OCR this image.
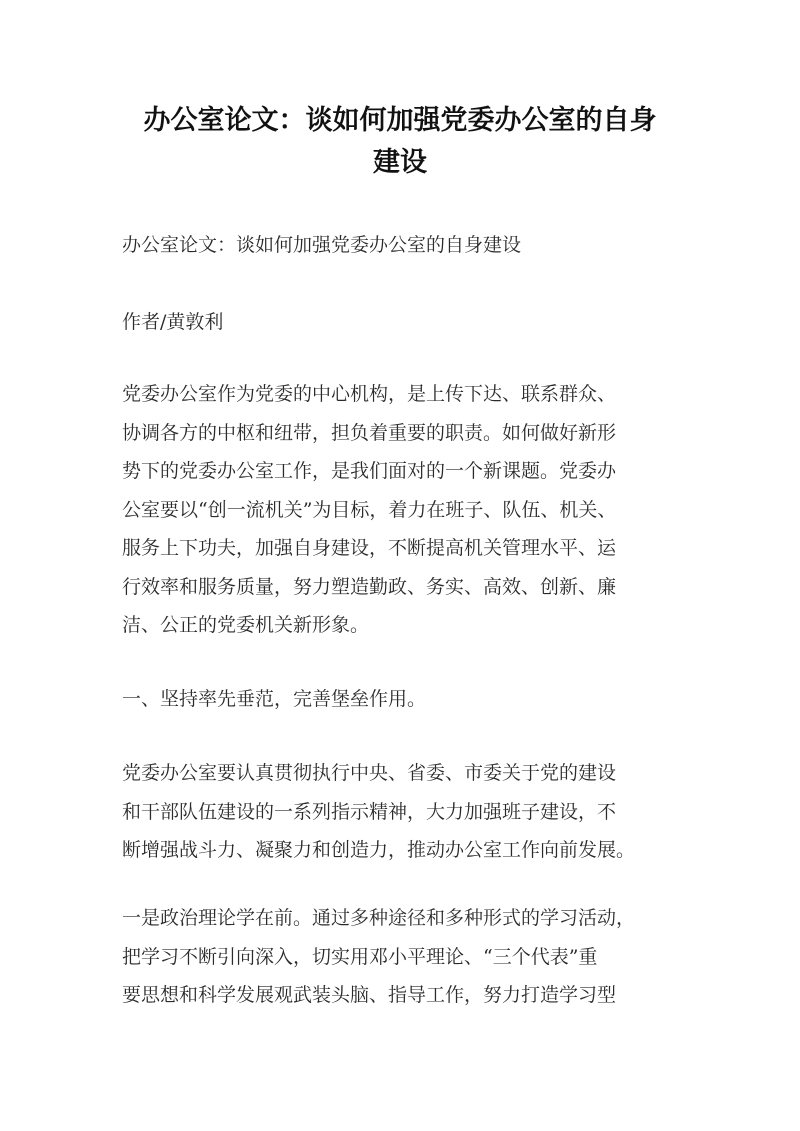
办公室论文：谈如何加强党委办公室的自身
建设

办公室论文：谈如何加强党委办公室的自身建设

作者/黄敦利

党委办公室作为党委的中心机构，是上传下达、联系群众、
协调各方的中枢和纽带，担负着重要的职责。如何做好新形
势下的党委办公室工作，是我们面对的一个新课题。党委办
公室要以“创一流机关”为目标，着力在班子、队伍、机关、
服务上下功夫，加强自身建设，不断提高机关管理水平、运
行效率和服务质量，努力塑造勤政、务实、高效、创新、廉
洁、公正的党委机关新形象。
一、坚持率先垂范，完善堡垒作用。
党委办公室要认真贯彻执行中央、省委、市委关于党的建设
和干部队伍建设的一系列指示精神，大力加强班子建设，不
断增强战斗力、凝聚力和创造力，推动办公室工作向前发展。
一是政治理论学在前。通过多种途径和多种形式的学习活动，
把学习不断引向深入，切实用邓小平理论、“三个代表”重
要思想和科学发展观武装头脑、指导工作，努力打造学习型
